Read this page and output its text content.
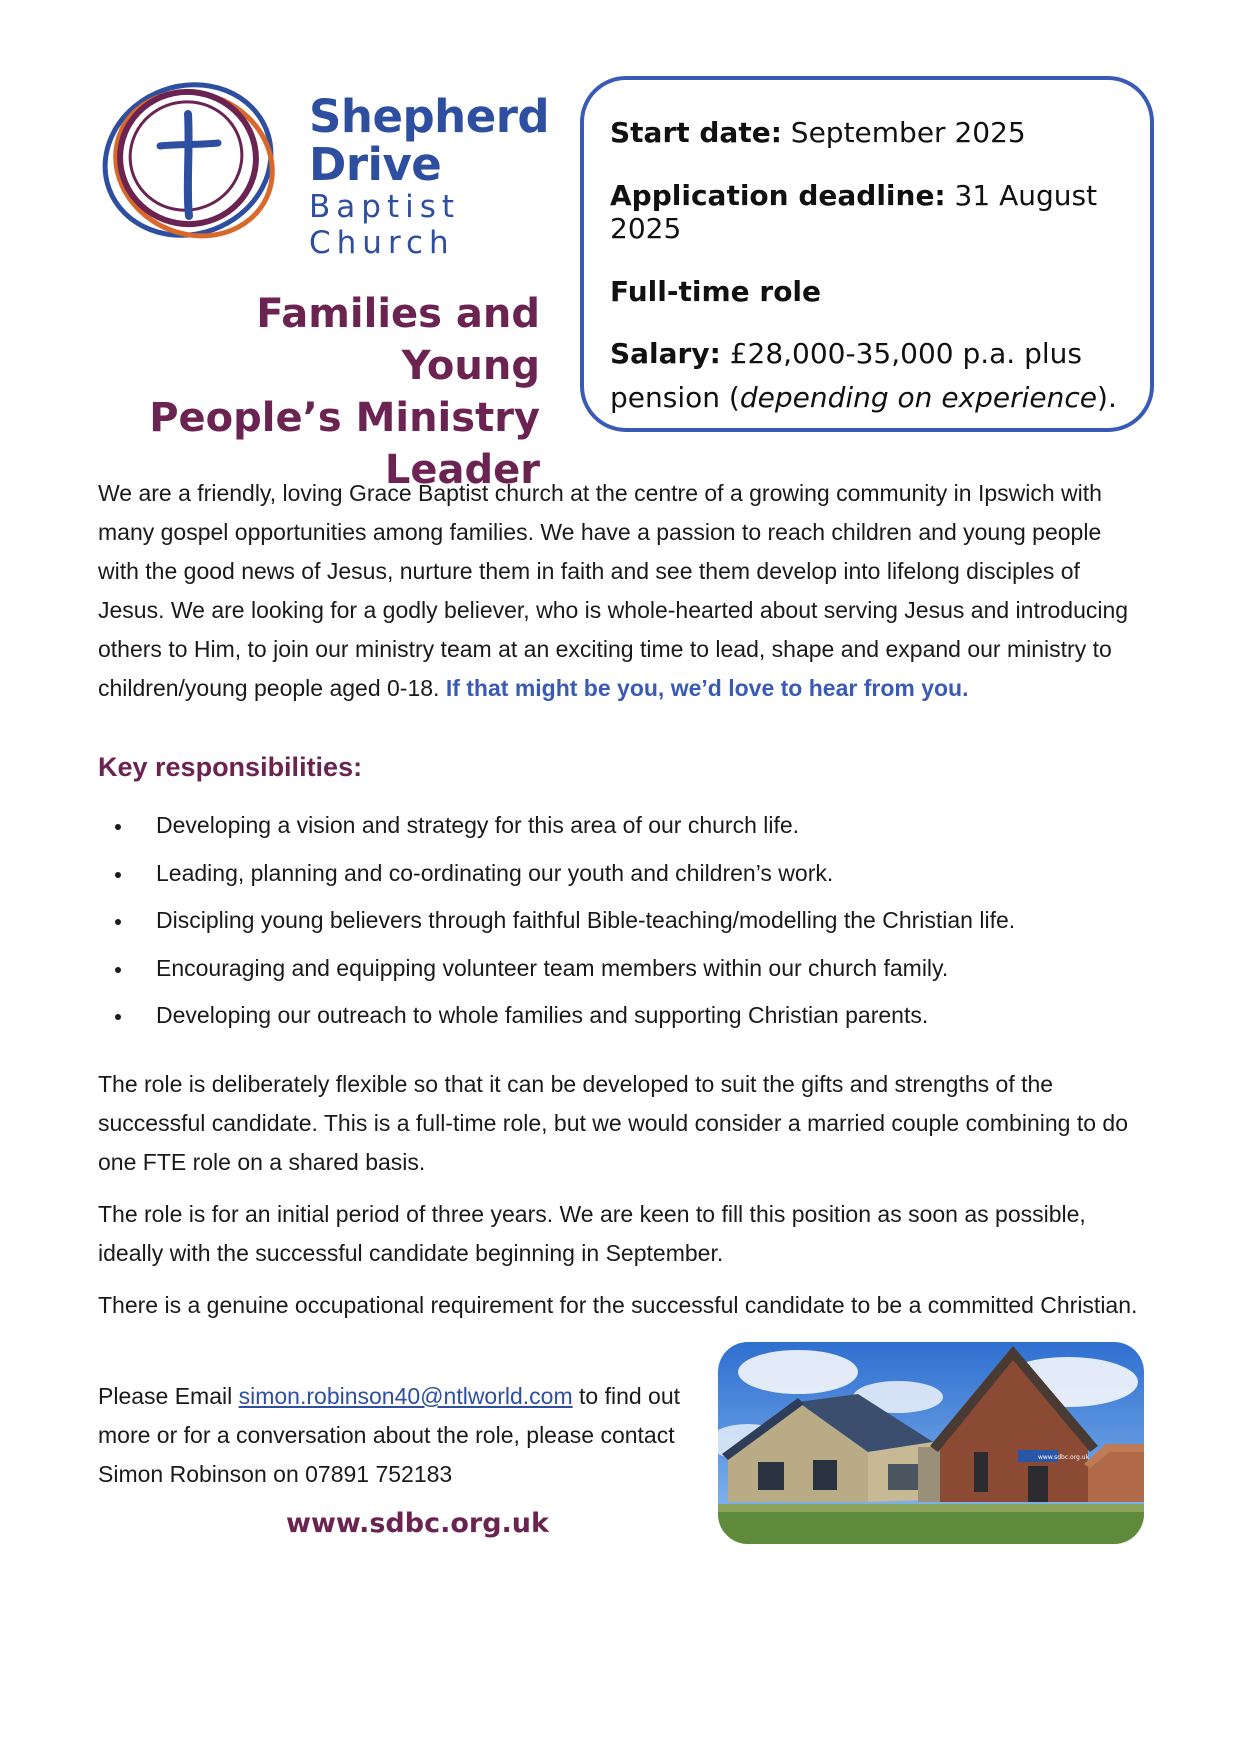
Shepherd
Drive
Baptist
Church
Families and Young
People’s Ministry
Leader

Start date: September 2025

Application deadline: 31 August 2025

Full-time role

Salary: £28,000-35,000 p.a. plus pension (depending on experience).

We are a friendly, loving Grace Baptist church at the centre of a growing community in Ipswich with many gospel opportunities among families. We have a passion to reach children and young people with the good news of Jesus, nurture them in faith and see them develop into lifelong disciples of Jesus. We are looking for a godly believer, who is whole-hearted about serving Jesus and introducing others to Him, to join our ministry team at an exciting time to lead, shape and expand our ministry to children/young people aged 0-18. If that might be you, we’d love to hear from you.
Key responsibilities:
Developing a vision and strategy for this area of our church life.
Leading, planning and co-ordinating our youth and children’s work.
Discipling young believers through faithful Bible-teaching/modelling the Christian life.
Encouraging and equipping volunteer team members within our church family.
Developing our outreach to whole families and supporting Christian parents.
The role is deliberately flexible so that it can be developed to suit the gifts and strengths of the successful candidate. This is a full-time role, but we would consider a married couple combining to do one FTE role on a shared basis.
The role is for an initial period of three years. We are keen to fill this position as soon as possible, ideally with the successful candidate beginning in September.
There is a genuine occupational requirement for the successful candidate to be a committed Christian.
Please Email simon.robinson40@ntlworld.com to find out more or for a conversation about the role, please contact Simon Robinson on 07891 752183
www.sdbc.org.uk
www.sdbc.org.uk
